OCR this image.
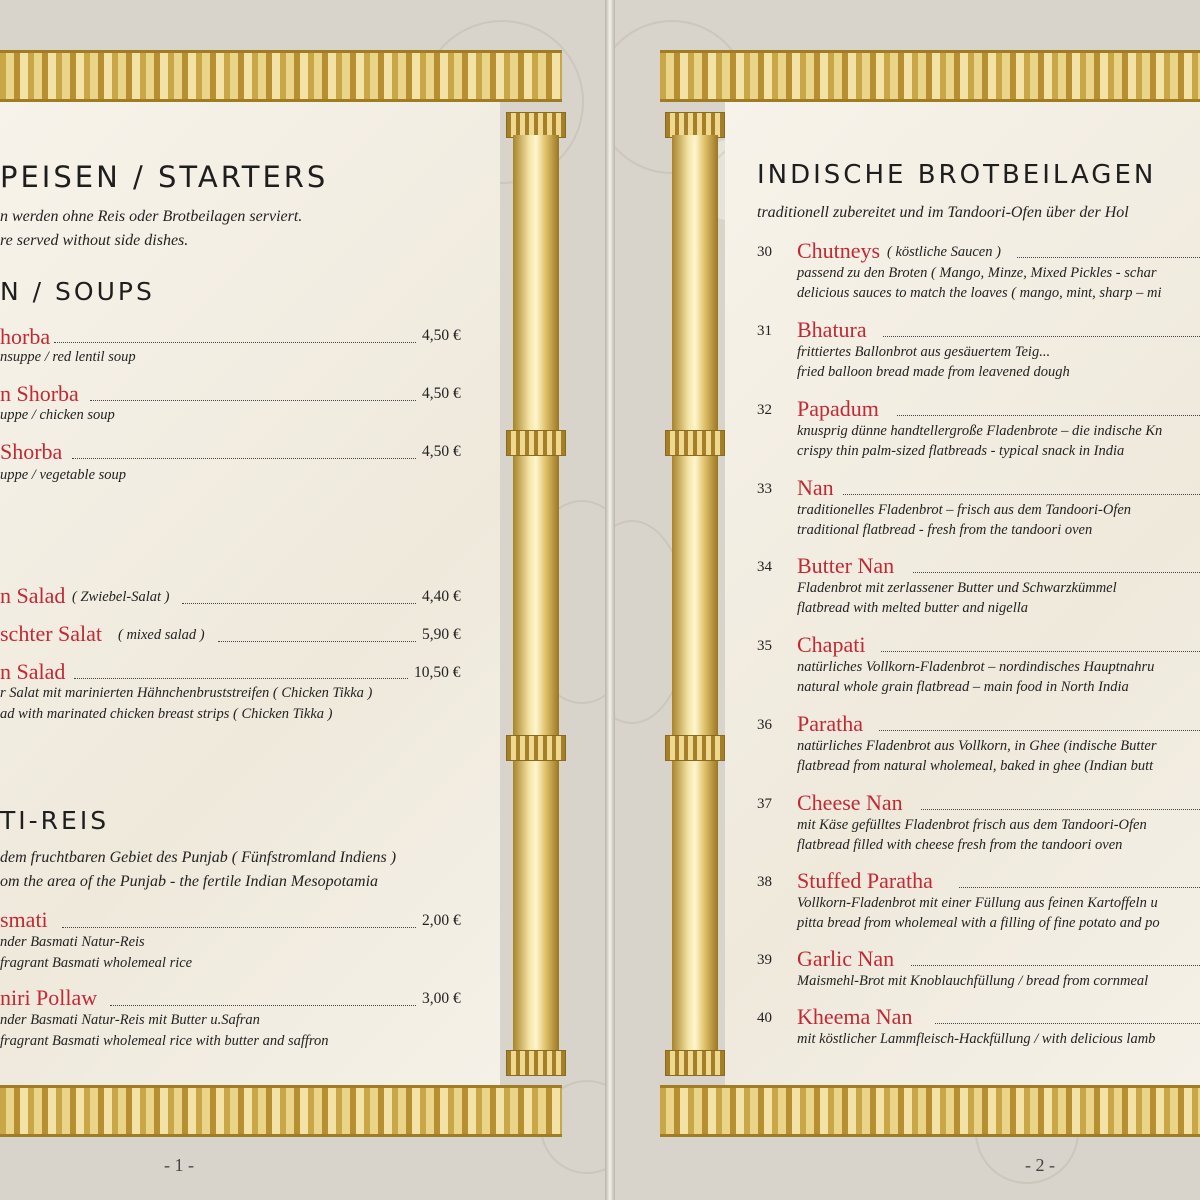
PEISEN / STARTERS
n werden ohne Reis oder Brotbeilagen serviert.
re served without side dishes.
N / SOUPS
horba	4,50 €
nsuppe / red lentil soup
n Shorba	4,50 €
uppe / chicken soup
Shorba	4,50 €
uppe / vegetable soup
n Salad ( Zwiebel-Salat )	4,40 €
schter Salat ( mixed salad )	5,90 €
n Salad	10,50 €
r Salat mit marinierten Hähnchenbruststreifen ( Chicken Tikka )
ad with marinated chicken breast strips ( Chicken Tikka )
TI-REIS
dem fruchtbaren Gebiet des Punjab ( Fünfstromland Indiens )
om the area of the Punjab - the fertile Indian Mesopotamia
smati	2,00 €
nder Basmati Natur-Reis
fragrant Basmati wholemeal rice
niri Pollaw	3,00 €
nder Basmati Natur-Reis mit Butter u.Safran
fragrant Basmati wholemeal rice with butter and saffron
- 1 -
INDISCHE BROTBEILAGEN
traditionell zubereitet und im Tandoori-Ofen über der Hol
30 Chutneys ( köstliche Saucen )
passend zu den Broten ( Mango, Minze, Mixed Pickles - schar
delicious sauces to match the loaves ( mango, mint, sharp – mi
31 Bhatura
frittiertes Ballonbrot aus gesäuertem Teig...
fried balloon bread made from leavened dough
32 Papadum
knusprig dünne handtellergroße Fladenbrote – die indische Kn
crispy thin palm-sized flatbreads - typical snack in India
33 Nan
traditionelles Fladenbrot – frisch aus dem Tandoori-Ofen
traditional flatbread - fresh from the tandoori oven
34 Butter Nan
Fladenbrot mit zerlassener Butter und Schwarzkümmel
flatbread with melted butter and nigella
35 Chapati
natürliches Vollkorn-Fladenbrot – nordindisches Hauptnahru
natural whole grain flatbread – main food in North India
36 Paratha
natürliches Fladenbrot aus Vollkorn, in Ghee (indische Butter
flatbread from natural wholemeal, baked in ghee (Indian butt
37 Cheese Nan
mit Käse gefülltes Fladenbrot frisch aus dem Tandoori-Ofen
flatbread filled with cheese fresh from the tandoori oven
38 Stuffed Paratha
Vollkorn-Fladenbrot mit einer Füllung aus feinen Kartoffeln u
pitta bread from wholemeal with a filling of fine potato and po
39 Garlic Nan
Maismehl-Brot mit Knoblauchfüllung / bread from cornmeal
40 Kheema Nan
mit köstlicher Lammfleisch-Hackfüllung / with delicious lamb
- 2 -
